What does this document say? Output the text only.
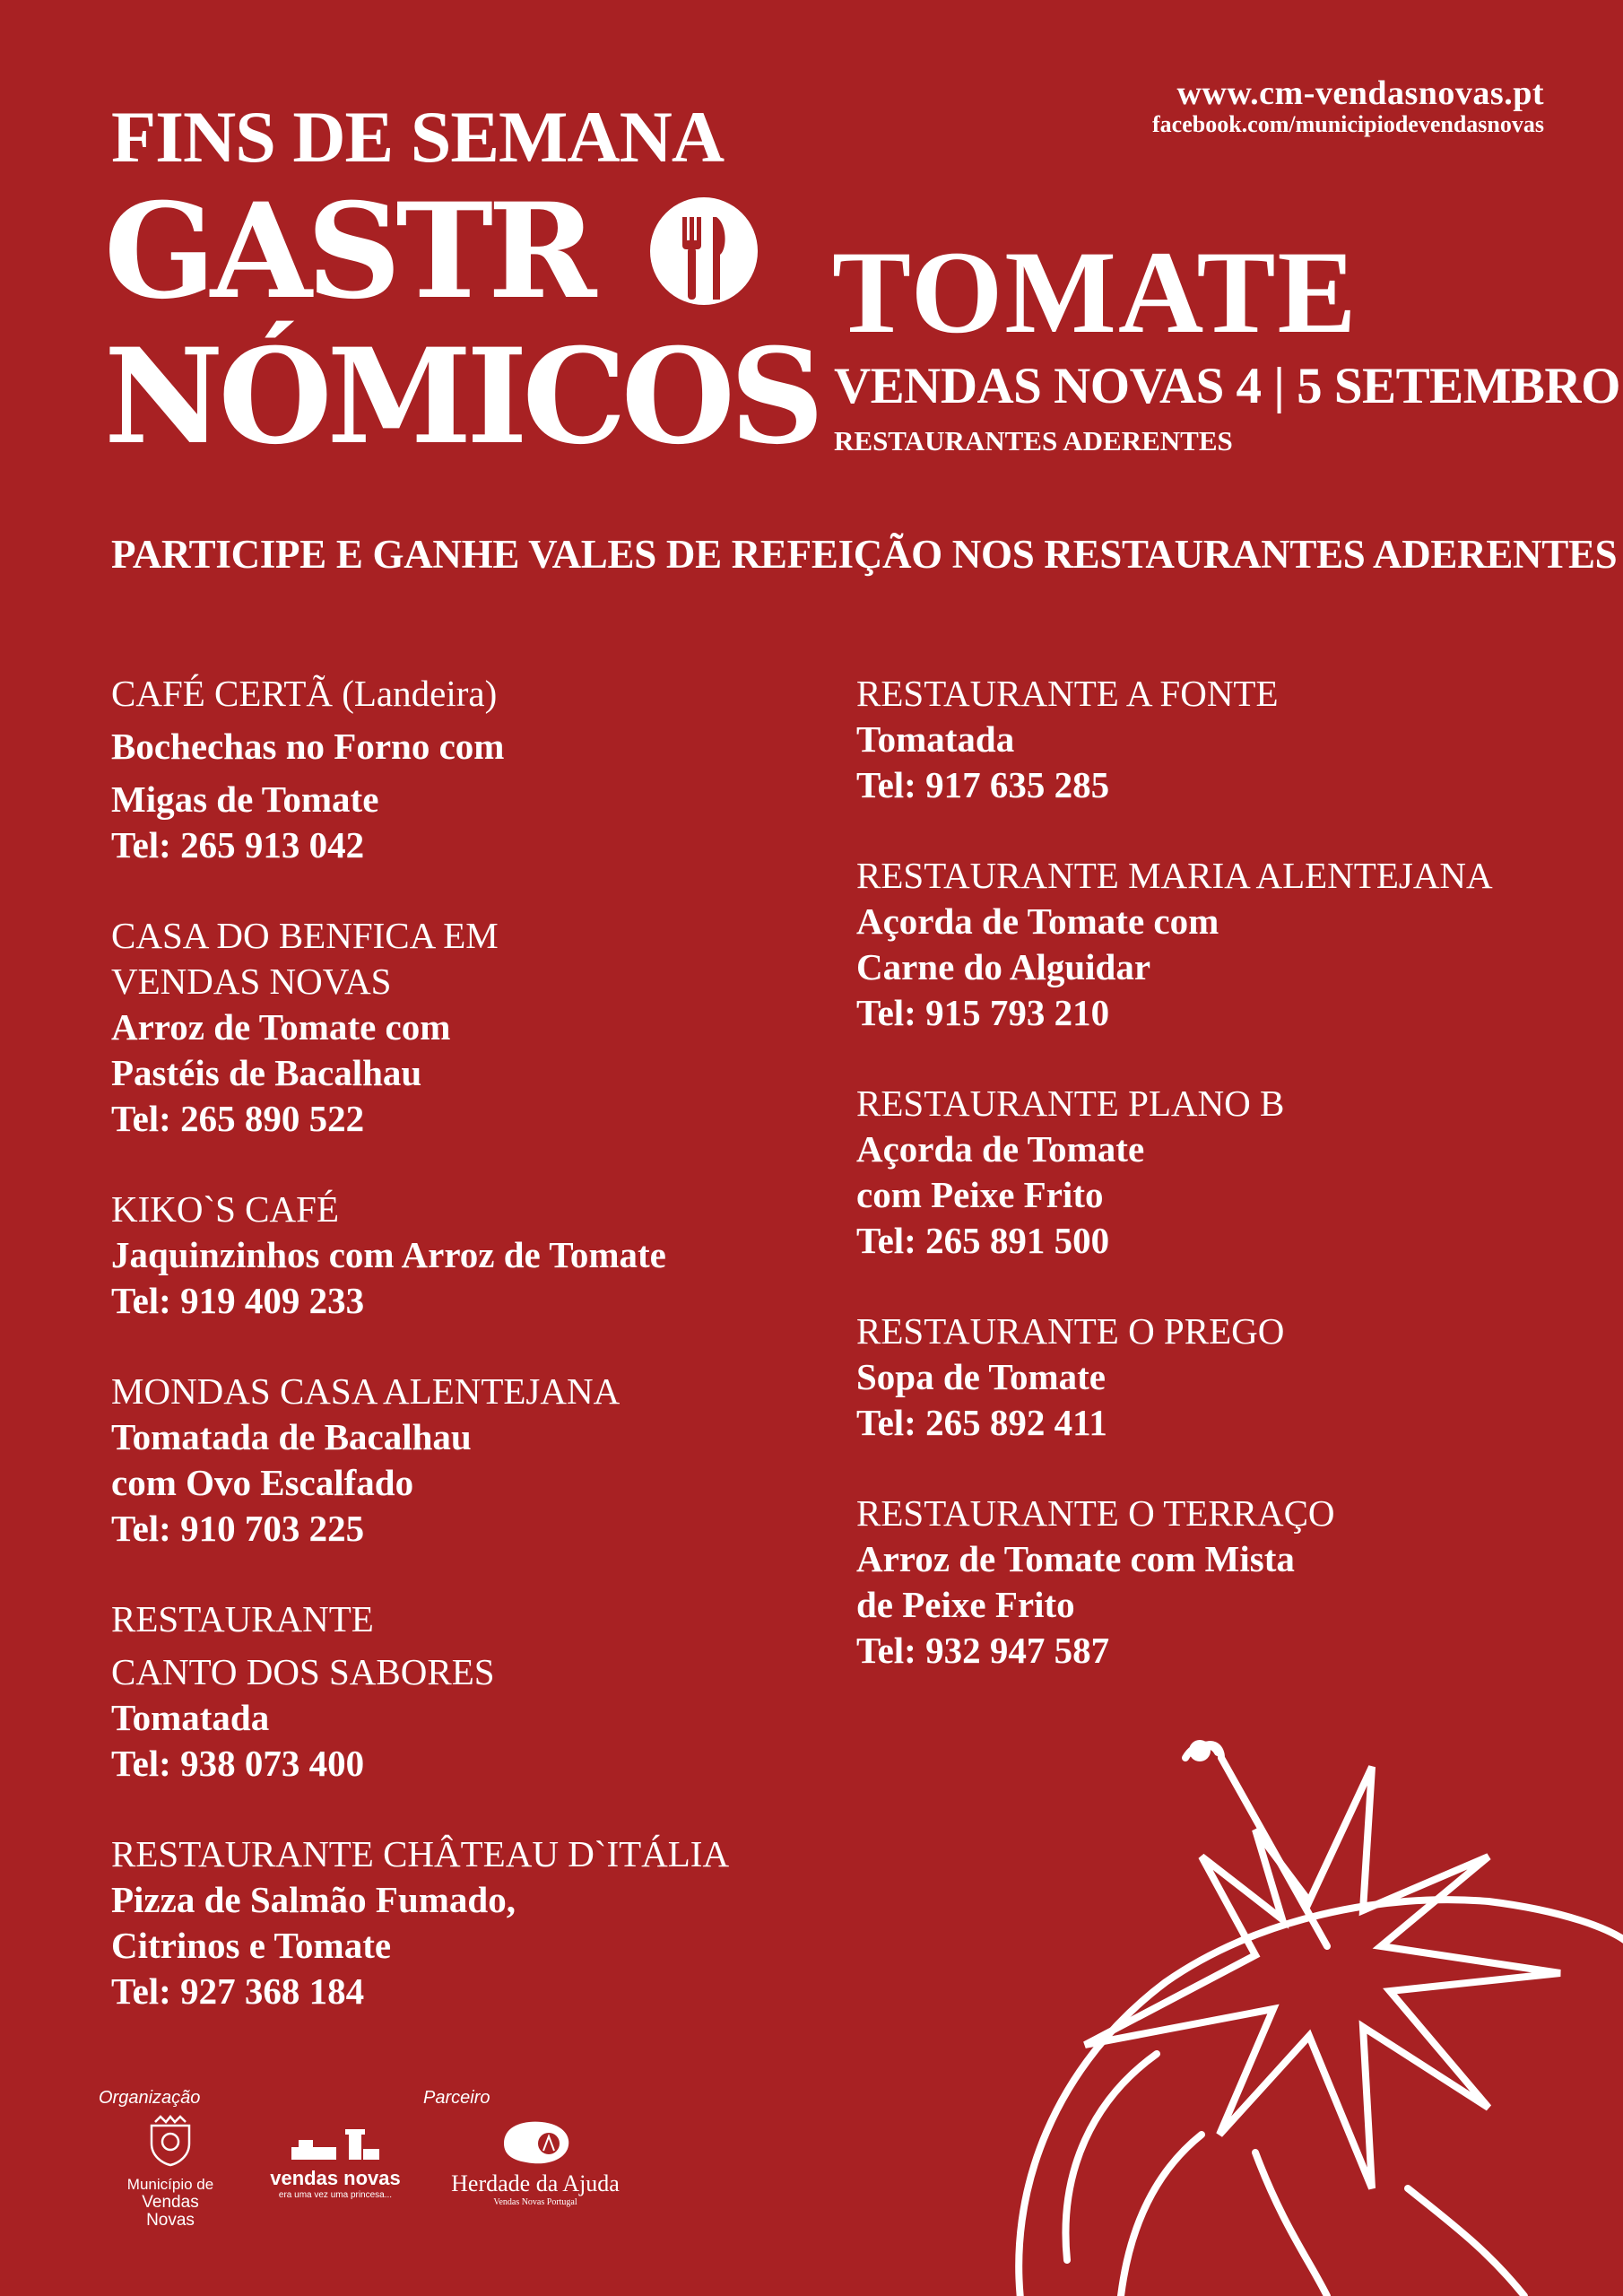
www.cm-vendasnovas.pt
facebook.com/municipiodevendasnovas
FINS DE SEMANA
GASTR
NÓMICOS
TOMATE
VENDAS NOVAS 4 | 5 SETEMBRO
RESTAURANTES ADERENTES
PARTICIPE E GANHE VALES DE REFEIÇÃO NOS RESTAURANTES ADERENTES
CAFÉ CERTÃ (Landeira)
Bochechas no Forno com
Migas de Tomate
Tel: 265 913 042
CASA DO BENFICA EM
VENDAS NOVAS
Arroz de Tomate com
Pastéis de Bacalhau
Tel: 265 890 522
KIKO`S CAFÉ
Jaquinzinhos com Arroz de Tomate
Tel: 919 409 233
MONDAS CASA ALENTEJANA
Tomatada de Bacalhau
com Ovo Escalfado
Tel: 910 703 225
RESTAURANTE
CANTO DOS SABORES
Tomatada
Tel: 938 073 400
RESTAURANTE CHÂTEAU D`ITÁLIA
Pizza de Salmão Fumado,
Citrinos e Tomate
Tel: 927 368 184
RESTAURANTE A FONTE
Tomatada
Tel: 917 635 285
RESTAURANTE MARIA ALENTEJANA
Açorda de Tomate com
Carne do Alguidar
Tel: 915 793 210
RESTAURANTE PLANO B
Açorda de Tomate
com Peixe Frito
Tel: 265 891 500
RESTAURANTE O PREGO
Sopa de Tomate
Tel: 265 892 411
RESTAURANTE O TERRAÇO
Arroz de Tomate com Mista
de Peixe Frito
Tel: 932 947 587
Organização	Parceiro
Município de
Vendas Novas
vendas novas
era uma vez uma princesa...	Herdade da Ajuda
Vendas Novas Portugal
